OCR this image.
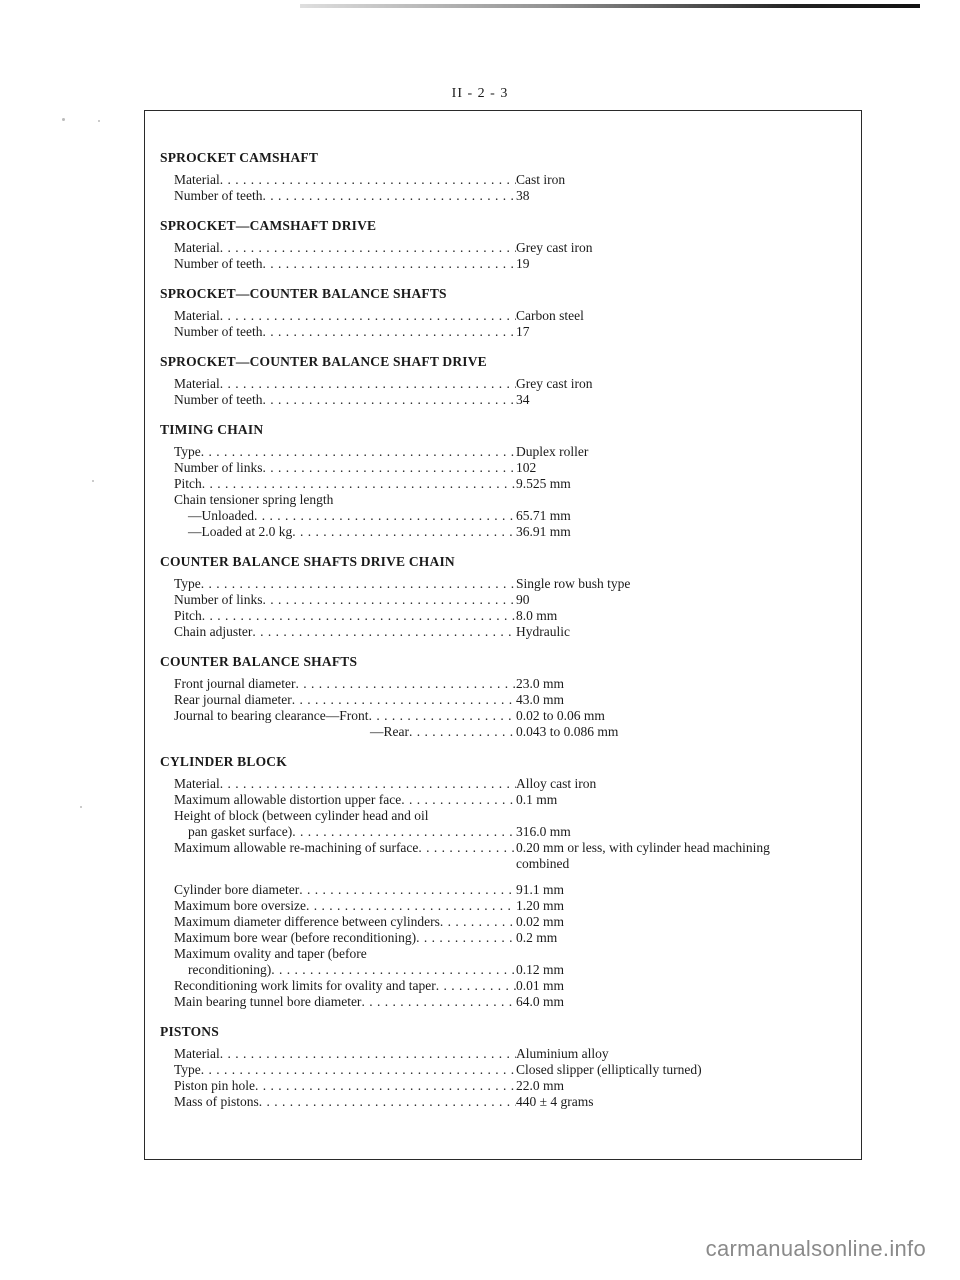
II - 2 - 3
SPROCKET CAMSHAFT
Material . . .	Cast iron
Number of teeth . . .	38
SPROCKET—CAMSHAFT DRIVE
Material . . .	Grey cast iron
Number of teeth . . .	19
SPROCKET—COUNTER BALANCE SHAFTS
Material . . .	Carbon steel
Number of teeth . . .	17
SPROCKET—COUNTER BALANCE SHAFT DRIVE
Material . . .	Grey cast iron
Number of teeth . . .	34
TIMING CHAIN
Type . . .	Duplex roller
Number of links . . .	102
Pitch . . .	9.525 mm
Chain tensioner spring length
—Unloaded . . .	65.71 mm
—Loaded at 2.0 kg . . .	36.91 mm
COUNTER BALANCE SHAFTS DRIVE CHAIN
Type . . .	Single row bush type
Number of links . . .	90
Pitch . . .	8.0 mm
Chain adjuster . . .	Hydraulic
COUNTER BALANCE SHAFTS
Front journal diameter . . .	23.0 mm
Rear journal diameter . . .	43.0 mm
Journal to bearing clearance—Front . . .	0.02 to 0.06 mm
—Rear . . .	0.043 to 0.086 mm
CYLINDER BLOCK
Material . . .	Alloy cast iron
Maximum allowable distortion upper face . . .	0.1 mm
Height of block (between cylinder head and oil
pan gasket surface) . . .	316.0 mm
Maximum allowable re-machining of surface . . .	0.20 mm or less, with cylinder head machining
combined
Cylinder bore diameter . . .	91.1 mm
Maximum bore oversize . . .	1.20 mm
Maximum diameter difference between cylinders . . .	0.02 mm
Maximum bore wear (before reconditioning) . . .	0.2 mm
Maximum ovality and taper (before
reconditioning) . . .	0.12 mm
Reconditioning work limits for ovality and taper . . .	0.01 mm
Main bearing tunnel bore diameter . . .	64.0 mm
PISTONS
Material . . .	Aluminium alloy
Type . . .	Closed slipper (elliptically turned)
Piston pin hole . . .	22.0 mm
Mass of pistons . . .	440 ± 4 grams
carmanualsonline.info
